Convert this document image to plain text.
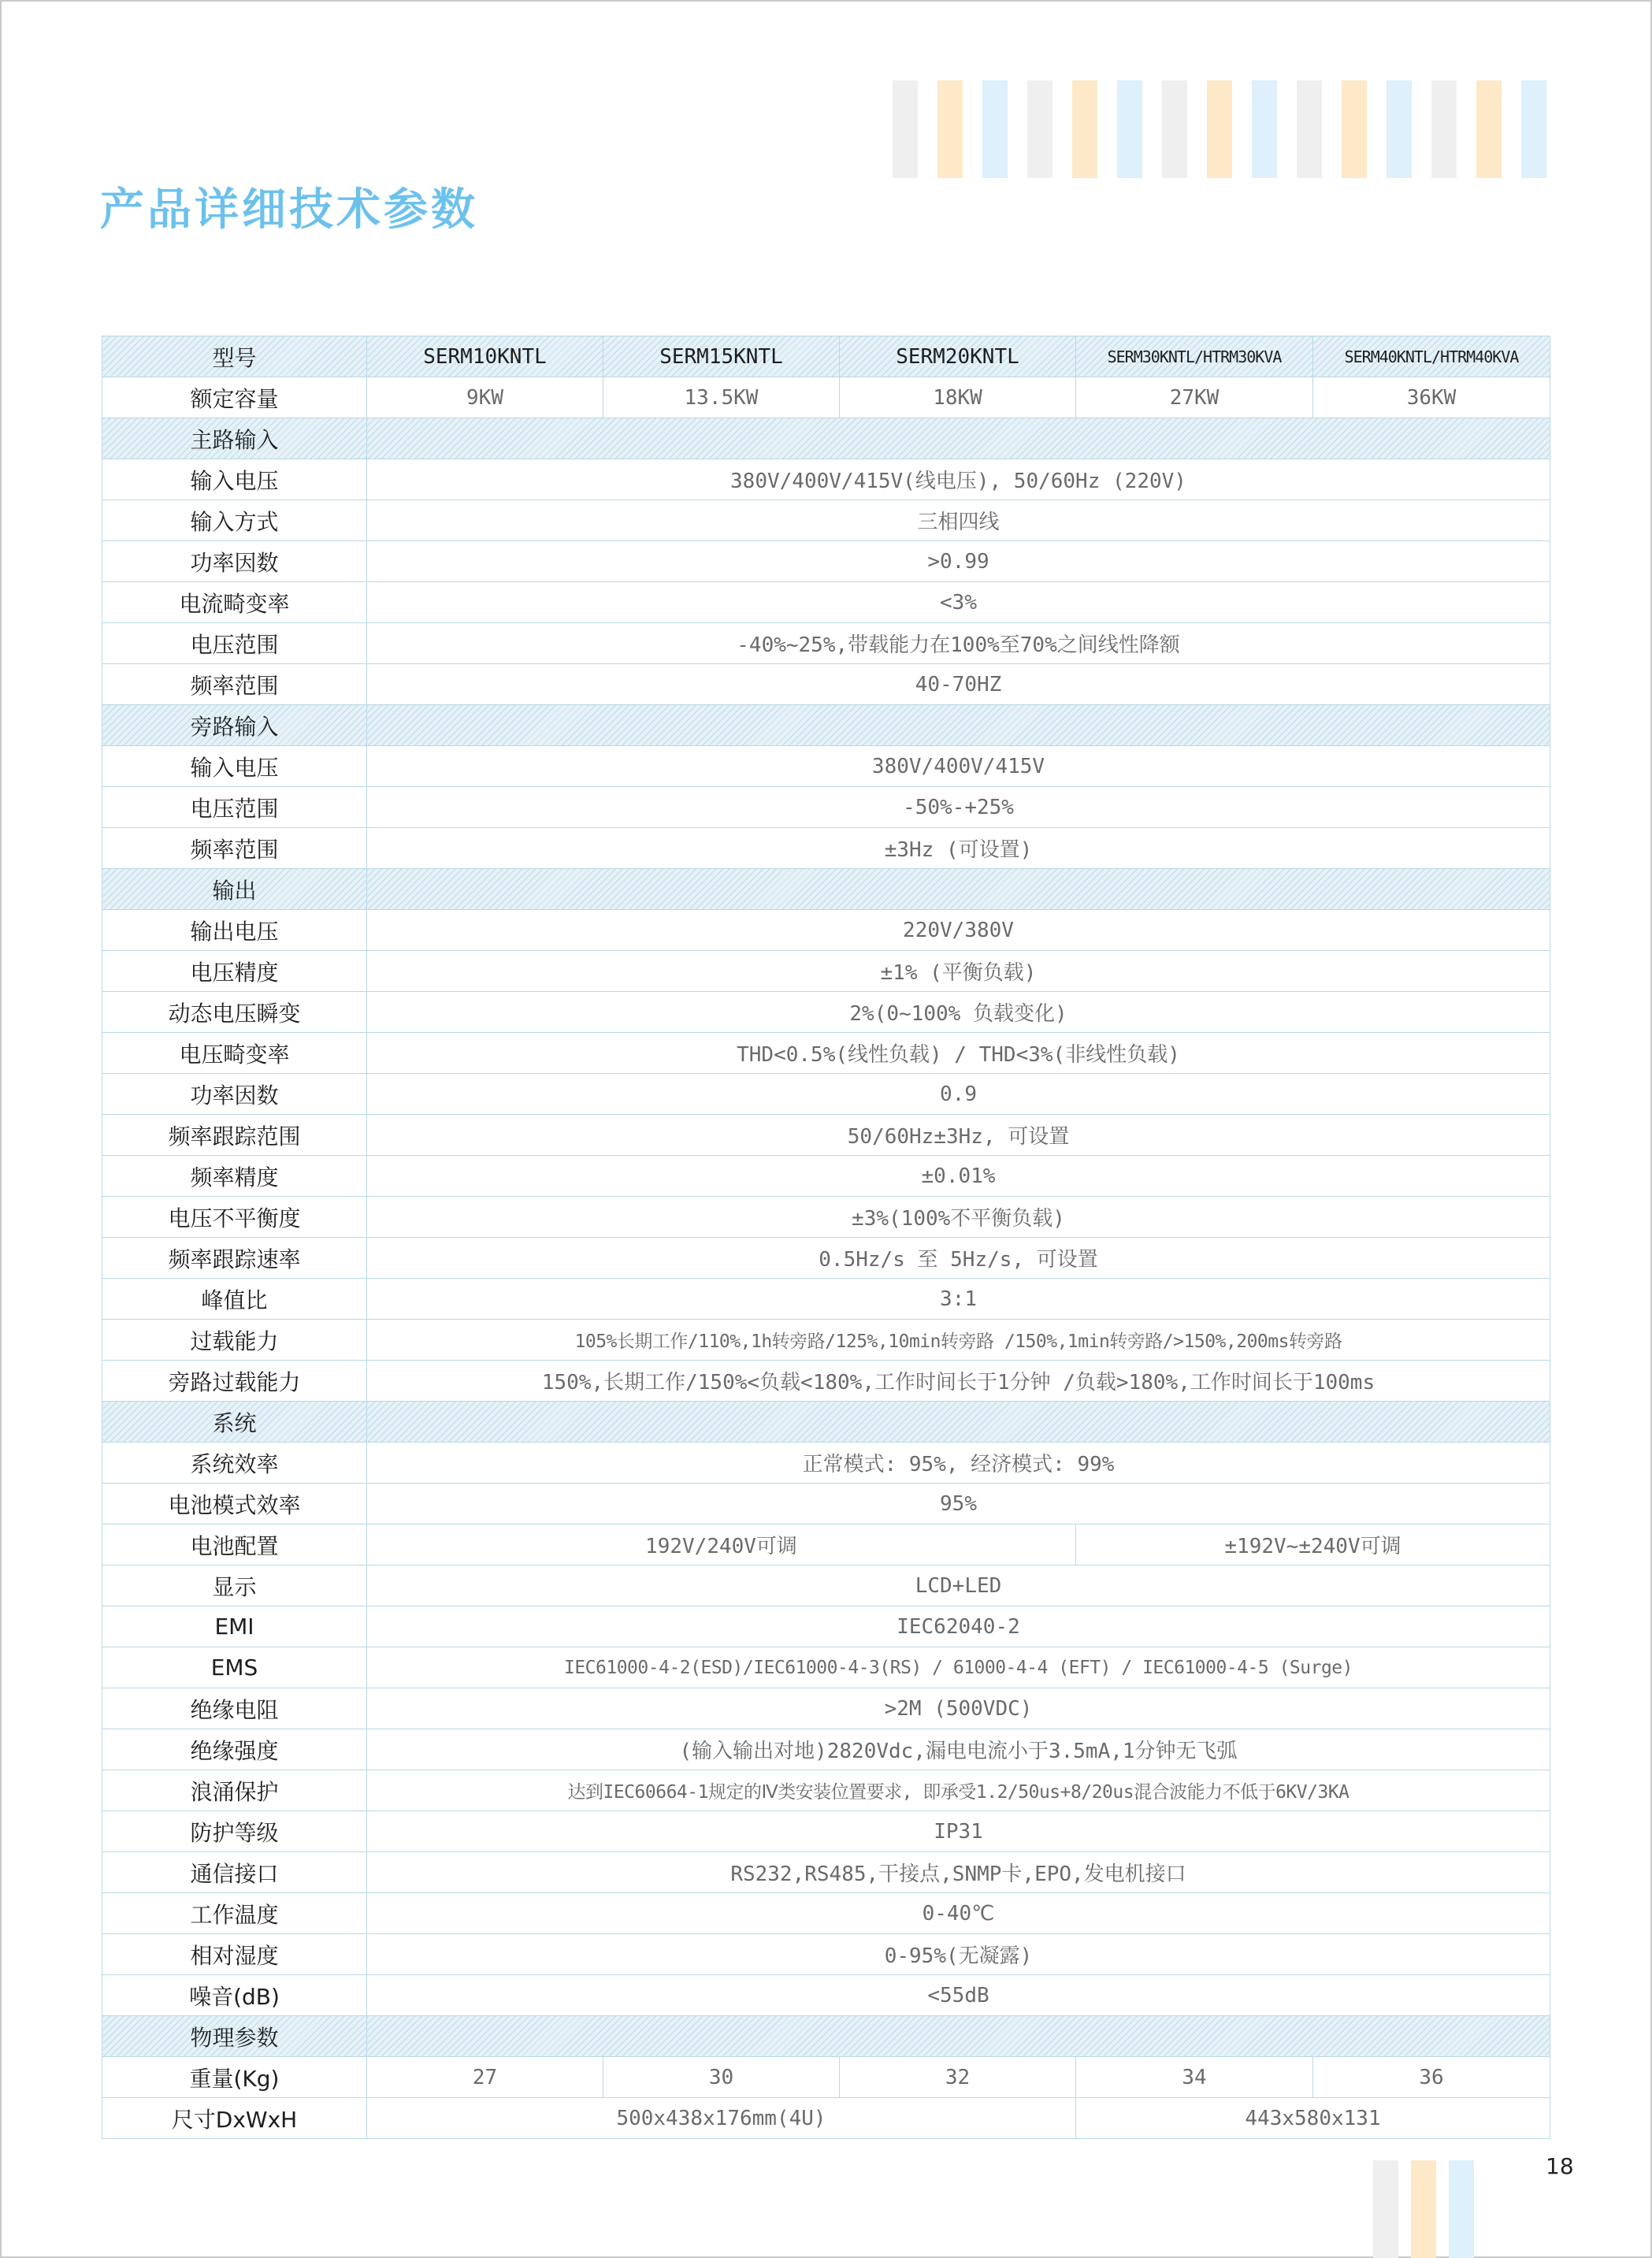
产品详细技术参数
型号	SERM10KNTL	SERM15KNTL	SERM20KNTL	SERM30KNTL/HTRM30KVA	SERM40KNTL/HTRM40KVA
额定容量	9KW	13.5KW	18KW	27KW	36KW
主路输入					
输入电压	380V/400V/415V(线电压), 50/60Hz (220V)				
输入方式	三相四线				
功率因数	>0.99				
电流畸变率	<3%				
电压范围	-40%~25%,带载能力在100%至70%之间线性降额				
频率范围	40-70HZ				
旁路输入					
输入电压	380V/400V/415V				
电压范围	-50%-+25%				
频率范围	±3Hz (可设置)				
输出					
输出电压	220V/380V				
电压精度	±1% (平衡负载)				
动态电压瞬变	2%(0~100% 负载变化)				
电压畸变率	THD<0.5%(线性负载) / THD<3%(非线性负载)				
功率因数	0.9				
频率跟踪范围	50/60Hz±3Hz, 可设置				
频率精度	±0.01%				
电压不平衡度	±3%(100%不平衡负载)				
频率跟踪速率	0.5Hz/s 至 5Hz/s, 可设置				
峰值比	3:1				
过载能力	105%长期工作/110%,1h转旁路/125%,10min转旁路 /150%,1min转旁路/>150%,200ms转旁路				
旁路过载能力	150%,长期工作/150%<负载<180%,工作时间长于1分钟 /负载>180%,工作时间长于100ms				
系统					
系统效率	正常模式: 95%, 经济模式: 99%				
电池模式效率	95%				
电池配置	192V/240V可调			±192V~±240V可调	
显示	LCD+LED				
EMI	IEC62040-2				
EMS	IEC61000-4-2(ESD)/IEC61000-4-3(RS) / 61000-4-4 (EFT) / IEC61000-4-5 (Surge)				
绝缘电阻	>2M (500VDC)				
绝缘强度	(输入输出对地)2820Vdc,漏电电流小于3.5mA,1分钟无飞弧				
浪涌保护	达到IEC60664-1规定的Ⅳ类安装位置要求, 即承受1.2/50us+8/20us混合波能力不低于6KV/3KA				
防护等级	IP31				
通信接口	RS232,RS485,干接点,SNMP卡,EPO,发电机接口				
工作温度	0-40℃				
相对湿度	0-95%(无凝露)				
噪音(dB)	<55dB				
物理参数					
重量(Kg)	27	30	32	34	36
尺寸DxWxH	500x438x176mm(4U)			443x580x131	
18
